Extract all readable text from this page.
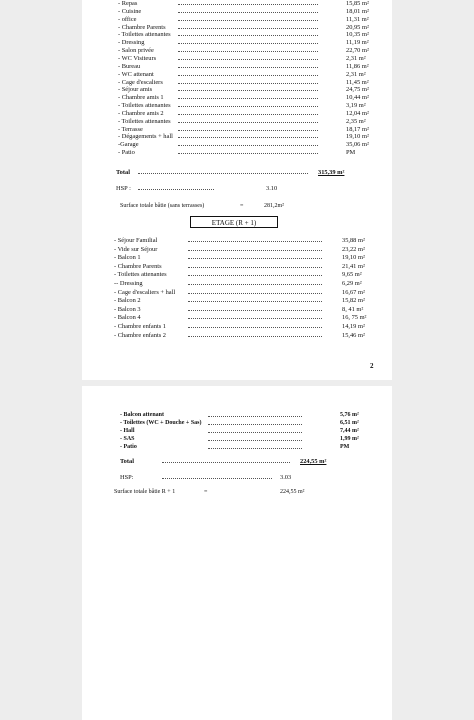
- Repas	15,85 m²
- Cuisine	18,01 m²
- office	11,31 m²
- Chambre Parents	20,95 m²
- Toilettes attenantes	10,35 m²
- Dressing	11,19 m²
- Salon privée	22,70 m²
- WC Visiteurs	2,31 m²
- Bureau	11,86 m²
- WC attenant	2,31 m²
- Cage d'escaliers	11,45 m²
- Séjour amis	24,75 m²
- Chambre amis 1	10,44 m²
- Toilettes attenantes	3,19 m²
- Chambre amis 2	12,04 m²
- Toilettes attenantes	2,35 m²
- Terrasse	18,17 m²
- Dégagements + hall	19,10 m²
-Garage	35,06 m²
- Patio	PM
Total	315,39 m²
HSP :	3.10
Surface totale bâtie (sans terrasses)	=	281,2m²
ETAGE (R + 1)
- Séjour Familial	35,88 m²
- Vide sur Séjour	23,22 m²
- Balcon 1	19,10 m²
- Chambre Parents	21,41 m²
- Toilettes attenantes	9,65 m²
-- Dressing	6,29 m²
- Cage d'escaliers + hall	16,67 m²
- Balcon 2	15,82 m²
- Balcon 3	8, 41 m²
- Balcon 4	16, 75 m²
- Chambre enfants 1	14,19 m²
- Chambre enfants 2	15,46 m²
2
- Balcon attenant	5,76 m²
- Toilettes (WC + Douche + Sas)	6,51 m²
- Hall	7,44 m²
- SAS	1,99 m²
- Patio	PM
Total	224,55 m²
HSP:	3.03
Surface totale bâtie R + 1	=	224,55 m²
